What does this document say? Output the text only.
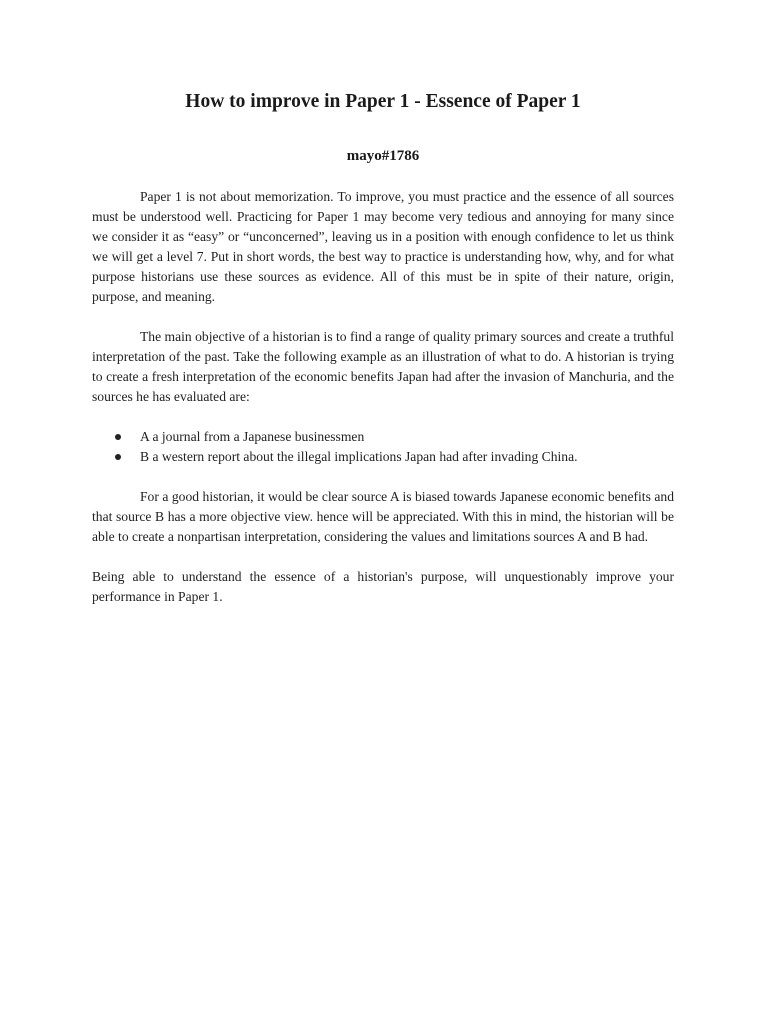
How to improve in Paper 1 - Essence of Paper 1
mayo#1786

Paper 1 is not about memorization. To improve, you must practice and the essence of all sources must be understood well. Practicing for Paper 1 may become very tedious and annoying for many since we consider it as “easy” or “unconcerned”, leaving us in a position with enough confidence to let us think we will get a level 7. Put in short words, the best way to practice is understanding how, why, and for what purpose historians use these sources as evidence. All of this must be in spite of their nature, origin, purpose, and meaning.

The main objective of a historian is to find a range of quality primary sources and create a truthful interpretation of the past. Take the following example as an illustration of what to do. A historian is trying to create a fresh interpretation of the economic benefits Japan had after the invasion of Manchuria, and the sources he has evaluated are:

A a journal from a Japanese businessmen
B a western report about the illegal implications Japan had after invading China.

For a good historian, it would be clear source A is biased towards Japanese economic benefits and that source B has a more objective view. hence will be appreciated. With this in mind, the historian will be able to create a nonpartisan interpretation, considering the values and limitations sources A and B had.

Being able to understand the essence of a historian's purpose, will unquestionably improve your performance in Paper 1.
